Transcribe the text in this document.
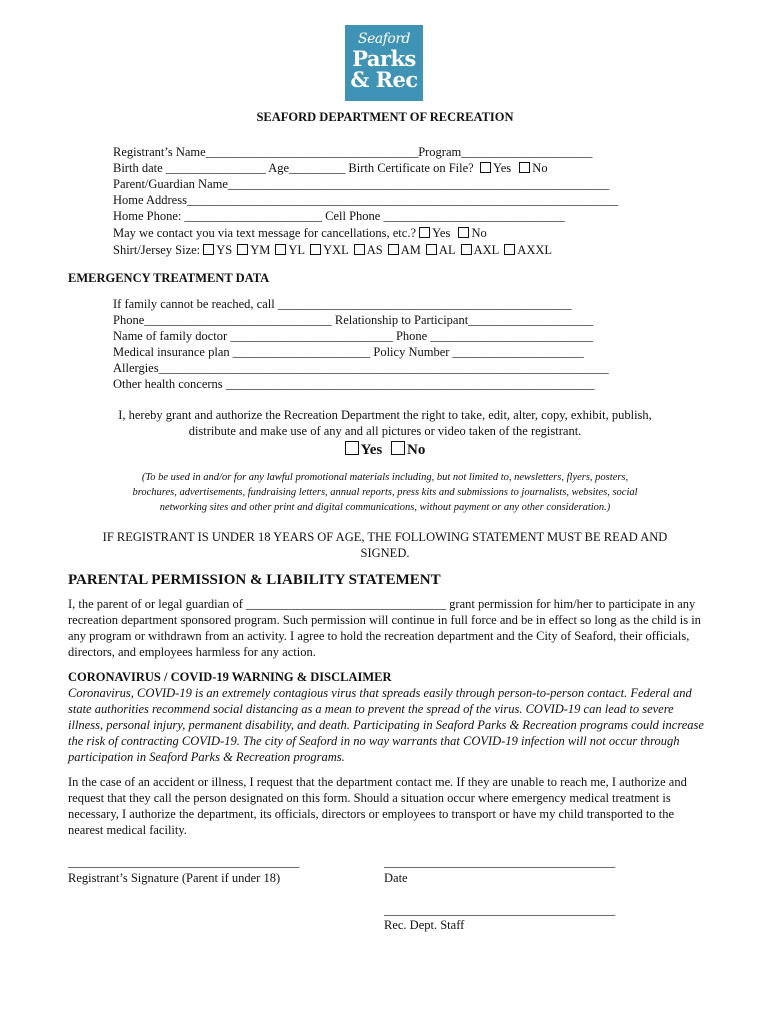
Seaford
Parks
& Rec
SEAFORD DEPARTMENT OF RECREATION
Registrant’s Name__________________________________Program_____________________
Birth date ________________ Age_________ Birth Certificate on File? Yes No
Parent/Guardian Name_____________________________________________________________
Home Address_____________________________________________________________________
Home Phone: ______________________ Cell Phone _____________________________
May we contact you via text message for cancellations, etc.? Yes No
Shirt/Jersey Size: YS YM YL YXL AS AM AL AXL AXXL
EMERGENCY TREATMENT DATA
If family cannot be reached, call _______________________________________________
Phone______________________________ Relationship to Participant____________________
Name of family doctor __________________________ Phone __________________________
Medical insurance plan ______________________ Policy Number _____________________
Allergies________________________________________________________________________
Other health concerns ___________________________________________________________
I, hereby grant and authorize the Recreation Department the right to take, edit, alter, copy, exhibit, publish,
distribute and make use of any and all pictures or video taken of the registrant.
Yes No
(To be used in and/or for any lawful promotional materials including, but not limited to, newsletters, flyers, posters,
brochures, advertisements, fundraising letters, annual reports, press kits and submissions to journalists, websites, social
networking sites and other print and digital communications, without payment or any other consideration.)
IF REGISTRANT IS UNDER 18 YEARS OF AGE, THE FOLLOWING STATEMENT MUST BE READ AND
SIGNED.
PARENTAL PERMISSION & LIABILITY STATEMENT
I, the parent of or legal guardian of ________________________________ grant permission for him/her to participate in any recreation department sponsored program. Such permission will continue in full force and be in effect so long as the child is in any program or withdrawn from an activity. I agree to hold the recreation department and the City of Seaford, their officials, directors, and employees harmless for any action.
CORONAVIRUS / COVID-19 WARNING & DISCLAIMER
Coronavirus, COVID-19 is an extremely contagious virus that spreads easily through person-to-person contact. Federal and state authorities recommend social distancing as a mean to prevent the spread of the virus. COVID-19 can lead to severe illness, personal injury, permanent disability, and death. Participating in Seaford Parks & Recreation programs could increase the risk of contracting COVID-19. The city of Seaford in no way warrants that COVID-19 infection will not occur through participation in Seaford Parks & Recreation programs.
In the case of an accident or illness, I request that the department contact me. If they are unable to reach me, I authorize and request that they call the person designated on this form. Should a situation occur where emergency medical treatment is necessary, I authorize the department, its officials, directors or employees to transport or have my child transported to the nearest medical facility.
_____________________________________
Registrant’s Signature (Parent if under 18)
_____________________________________
Date
_____________________________________
Rec. Dept. Staff
